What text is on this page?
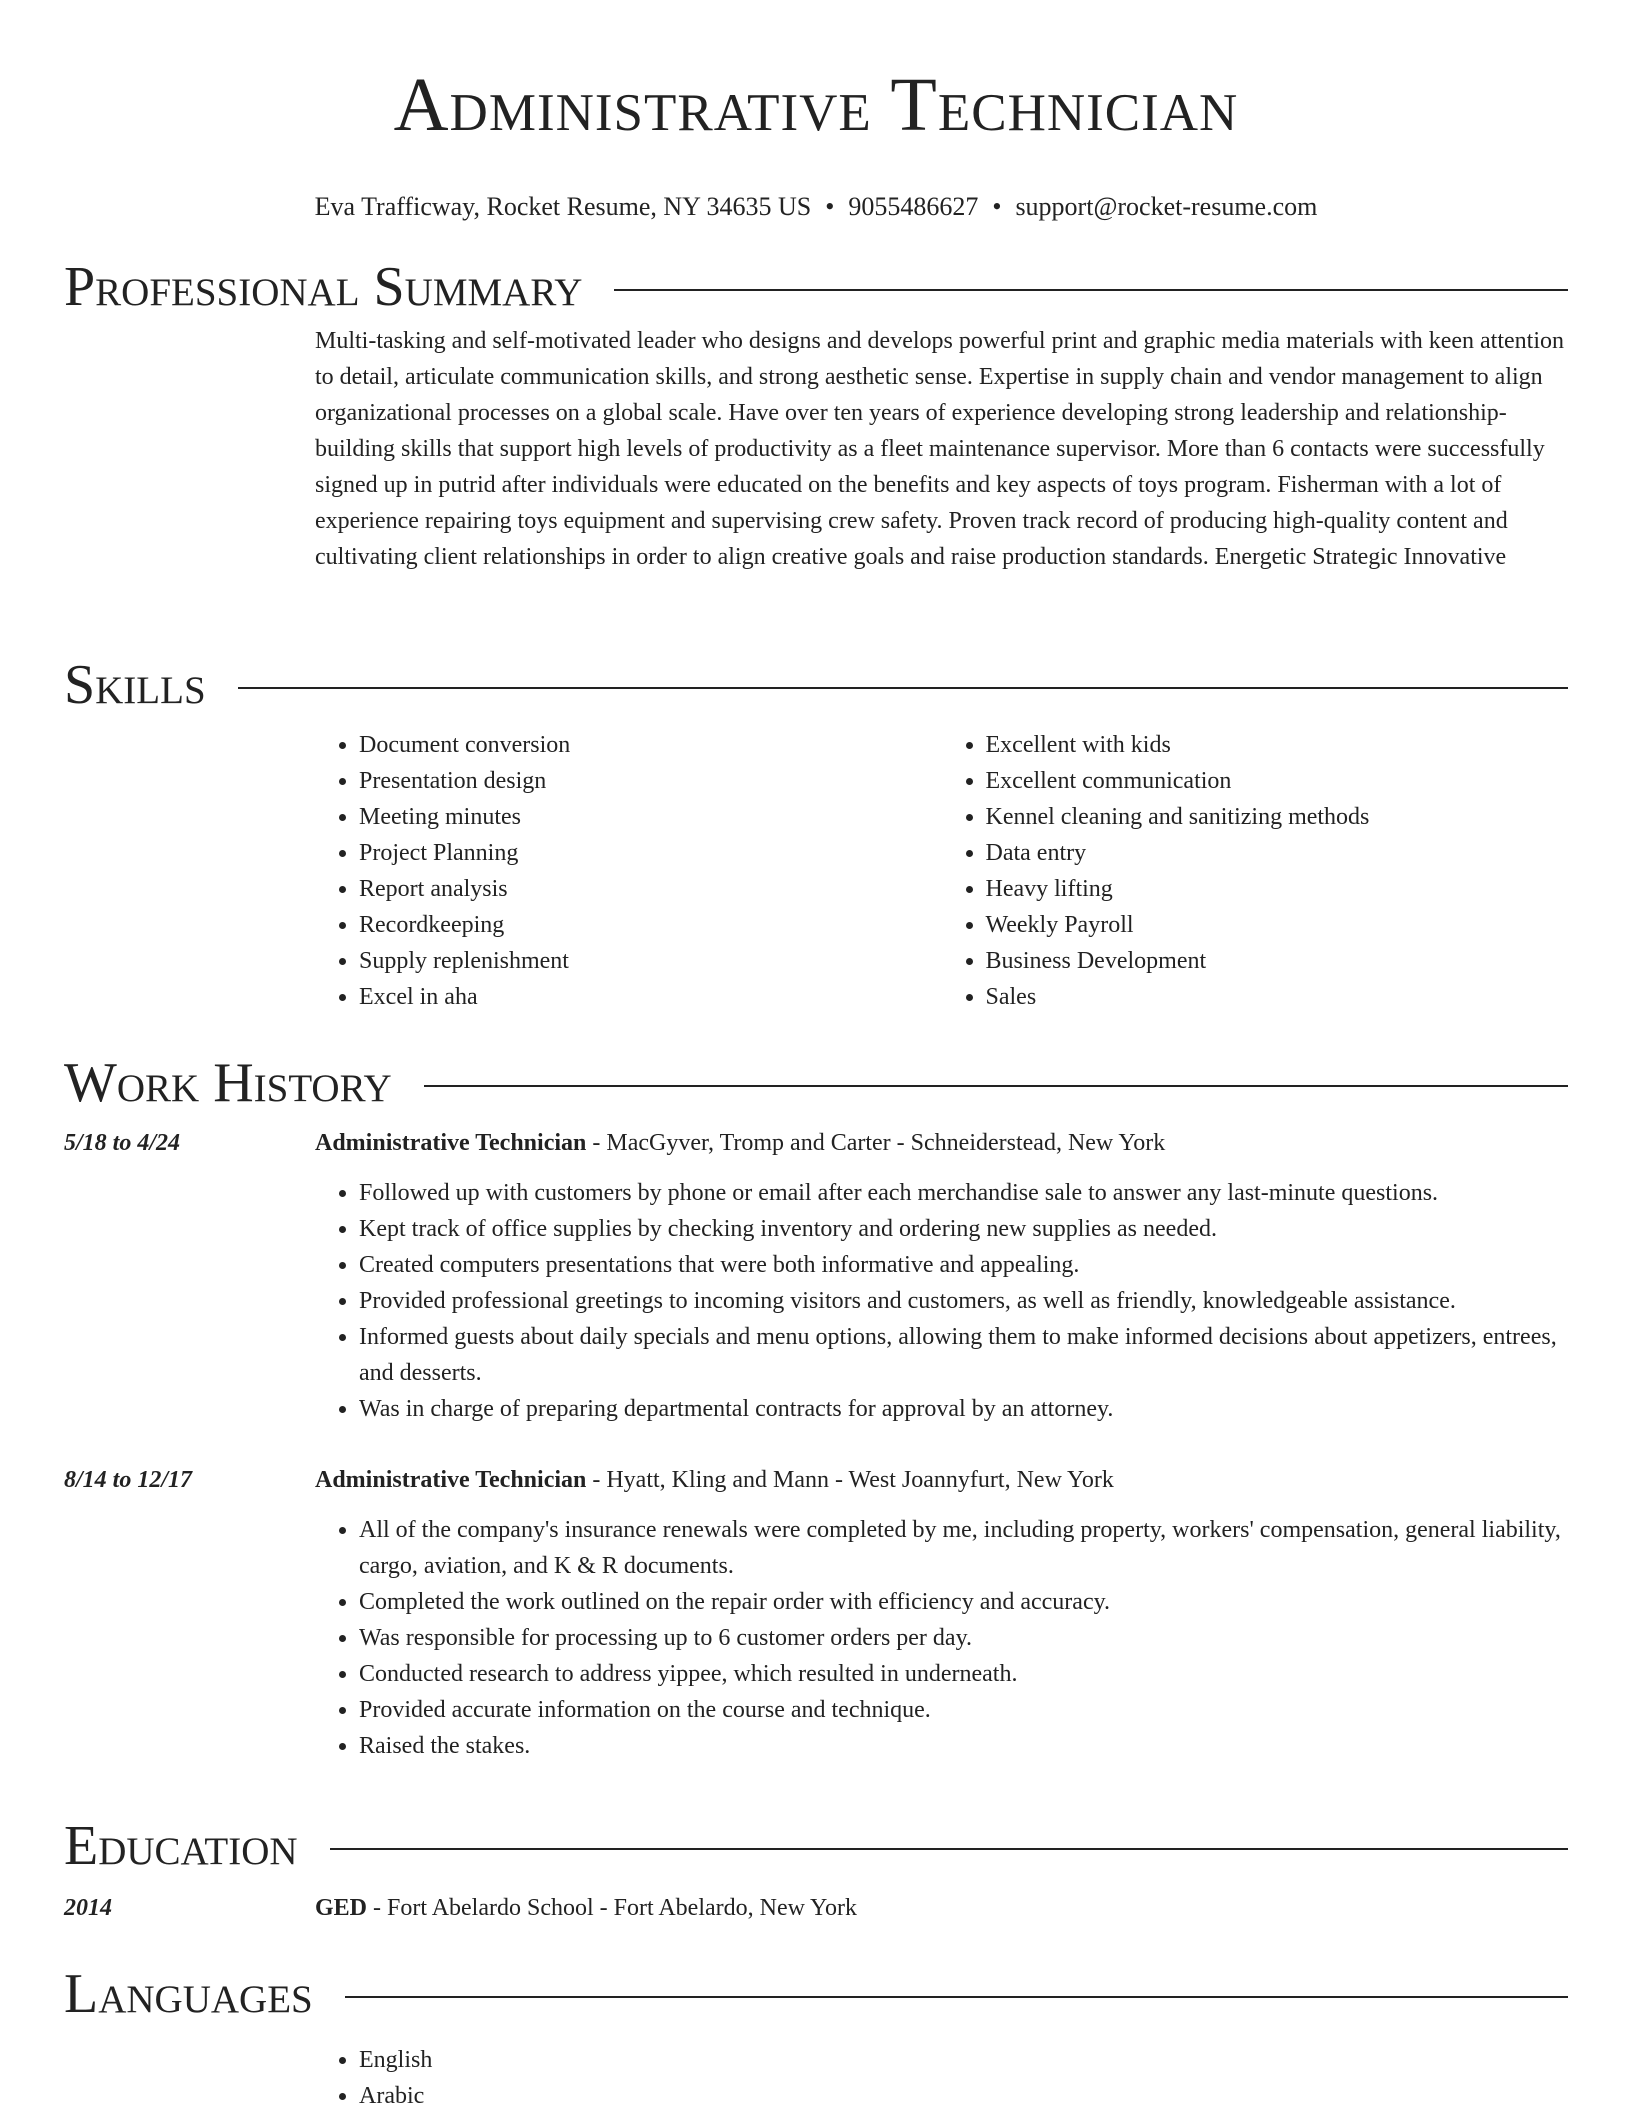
Administrative Technician
Eva Trafficway, Rocket Resume, NY 34635 US • 9055486627 • support@rocket-resume.com
Professional Summary
Multi-tasking and self-motivated leader who designs and develops powerful print and graphic media materials with keen attention to detail, articulate communication skills, and strong aesthetic sense. Expertise in supply chain and vendor management to align organizational processes on a global scale. Have over ten years of experience developing strong leadership and relationship-building skills that support high levels of productivity as a fleet maintenance supervisor. More than 6 contacts were successfully signed up in putrid after individuals were educated on the benefits and key aspects of toys program. Fisherman with a lot of experience repairing toys equipment and supervising crew safety. Proven track record of producing high-quality content and cultivating client relationships in order to align creative goals and raise production standards. Energetic Strategic Innovative
Skills
• Document conversion
• Presentation design
• Meeting minutes
• Project Planning
• Report analysis
• Recordkeeping
• Supply replenishment
• Excel in aha
• Excellent with kids
• Excellent communication
• Kennel cleaning and sanitizing methods
• Data entry
• Heavy lifting
• Weekly Payroll
• Business Development
• Sales
Work History
5/18 to 4/24	Administrative Technician - MacGyver, Tromp and Carter - Schneiderstead, New York
• Followed up with customers by phone or email after each merchandise sale to answer any last-minute questions.
• Kept track of office supplies by checking inventory and ordering new supplies as needed.
• Created computers presentations that were both informative and appealing.
• Provided professional greetings to incoming visitors and customers, as well as friendly, knowledgeable assistance.
• Informed guests about daily specials and menu options, allowing them to make informed decisions about appetizers, entrees, and desserts.
• Was in charge of preparing departmental contracts for approval by an attorney.
8/14 to 12/17	Administrative Technician - Hyatt, Kling and Mann - West Joannyfurt, New York
• All of the company's insurance renewals were completed by me, including property, workers' compensation, general liability, cargo, aviation, and K & R documents.
• Completed the work outlined on the repair order with efficiency and accuracy.
• Was responsible for processing up to 6 customer orders per day.
• Conducted research to address yippee, which resulted in underneath.
• Provided accurate information on the course and technique.
• Raised the stakes.
Education
2014	GED - Fort Abelardo School - Fort Abelardo, New York
Languages
• English
• Arabic
